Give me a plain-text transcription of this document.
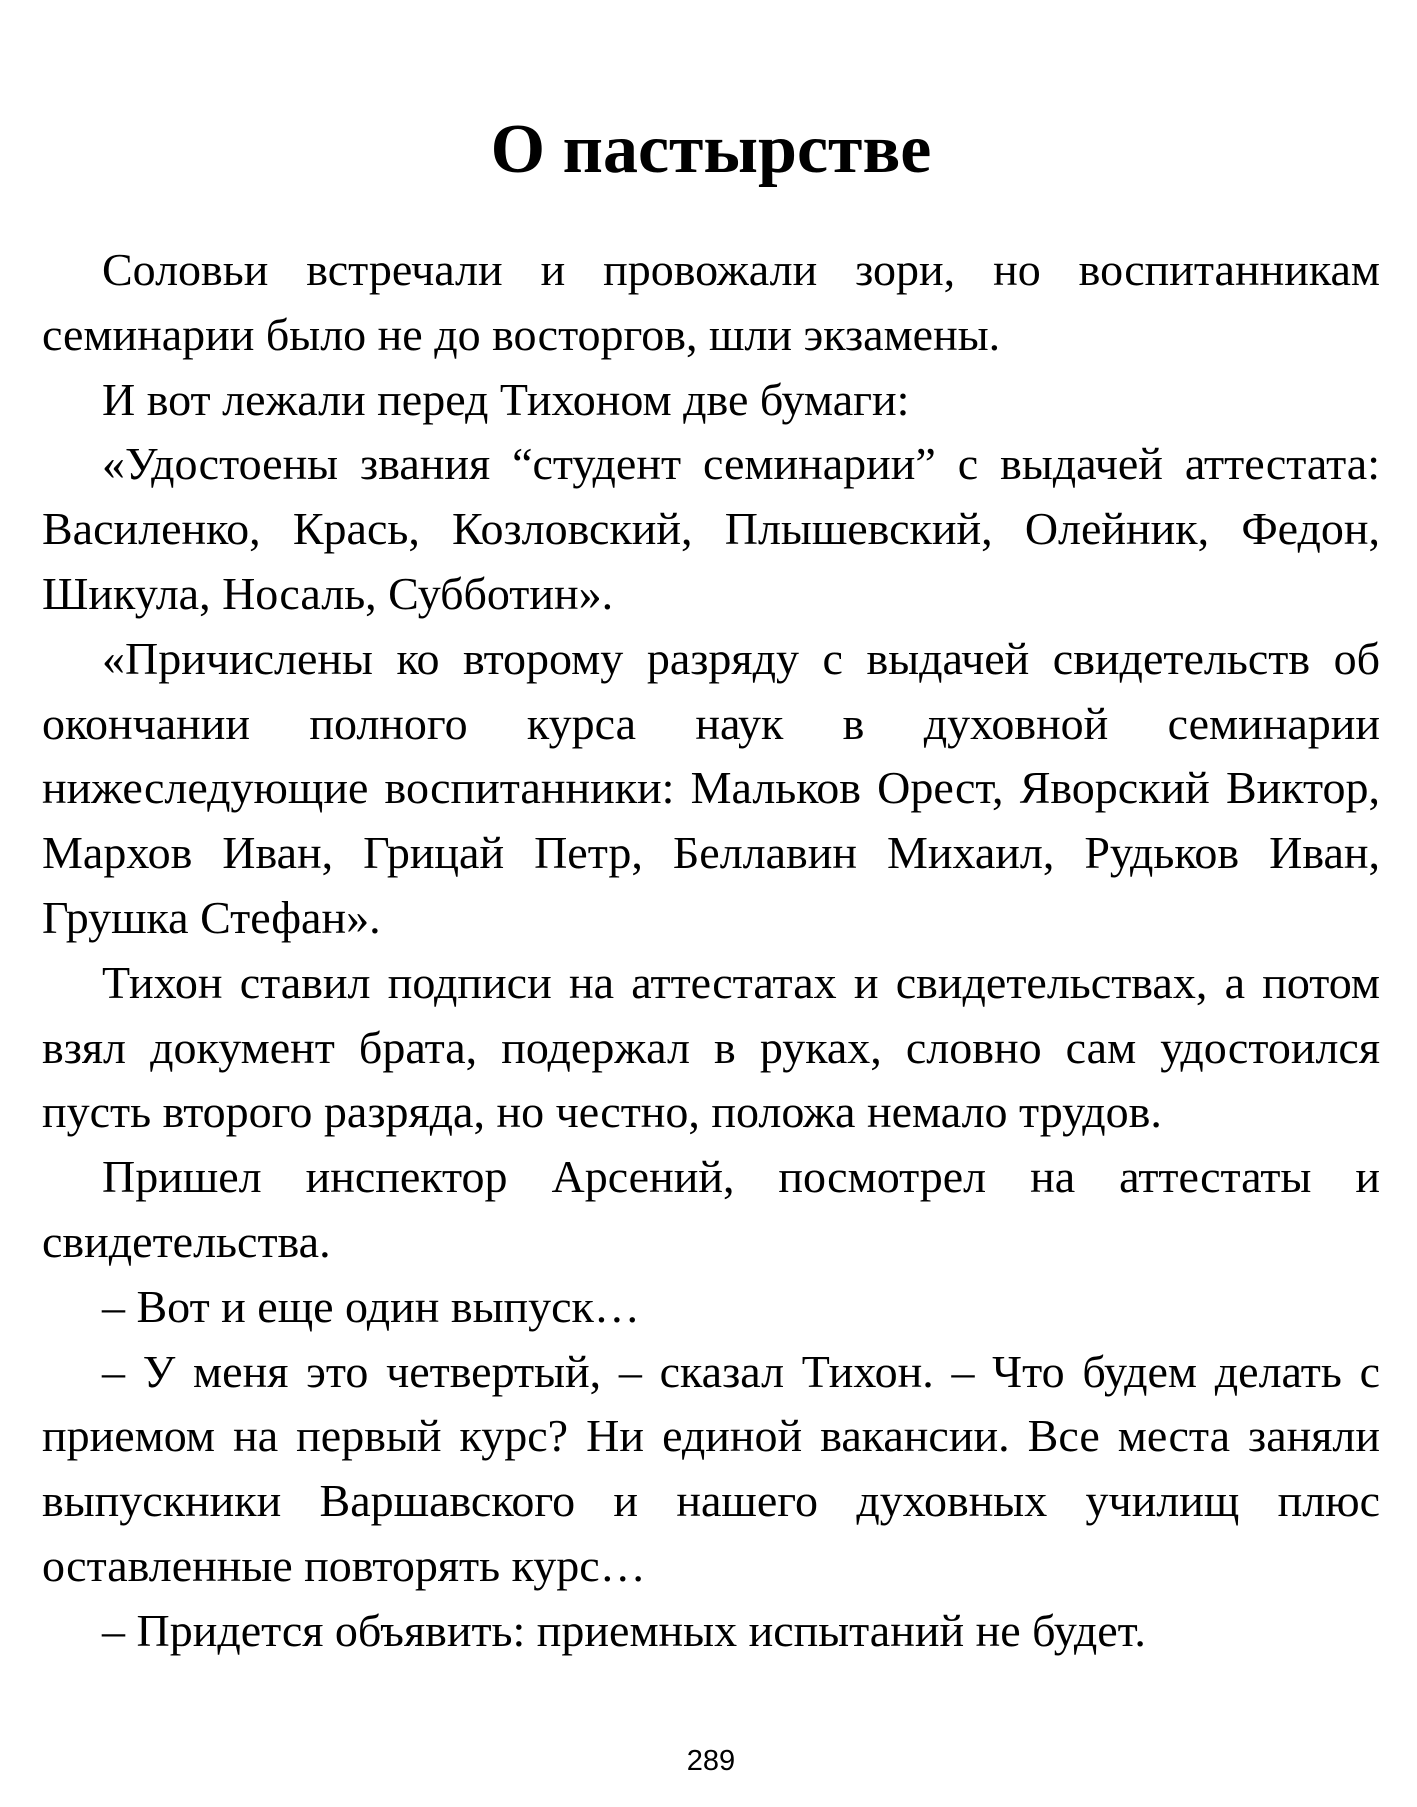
О пастырстве

Соловьи встречали и провожали зори, но воспитанникам семинарии было не до восторгов, шли экзамены.

И вот лежали перед Тихоном две бумаги:

«Удостоены звания “студент семинарии” с выдачей аттестата: Василенко, Крась, Козловский, Плышевский, Олейник, Федон, Шикула, Носаль, Субботин».

«Причислены ко второму разряду с выдачей свидетельств об окончании полного курса наук в духовной семинарии нижеследующие воспитанники: Мальков Орест, Яворский Виктор, Мархов Иван, Грицай Петр, Беллавин Михаил, Рудьков Иван, Грушка Стефан».

Тихон ставил подписи на аттестатах и свидетельствах, а потом взял документ брата, подержал в руках, словно сам удостоился пусть второго разряда, но честно, положа немало трудов.

Пришел инспектор Арсений, посмотрел на аттестаты и свидетельства.

– Вот и еще один выпуск…

– У меня это четвертый, – сказал Тихон. – Что будем делать с приемом на первый курс? Ни единой вакансии. Все места заняли выпускники Варшавского и нашего духовных училищ плюс оставленные повторять курс…

– Придется объявить: приемных испытаний не будет.

289
